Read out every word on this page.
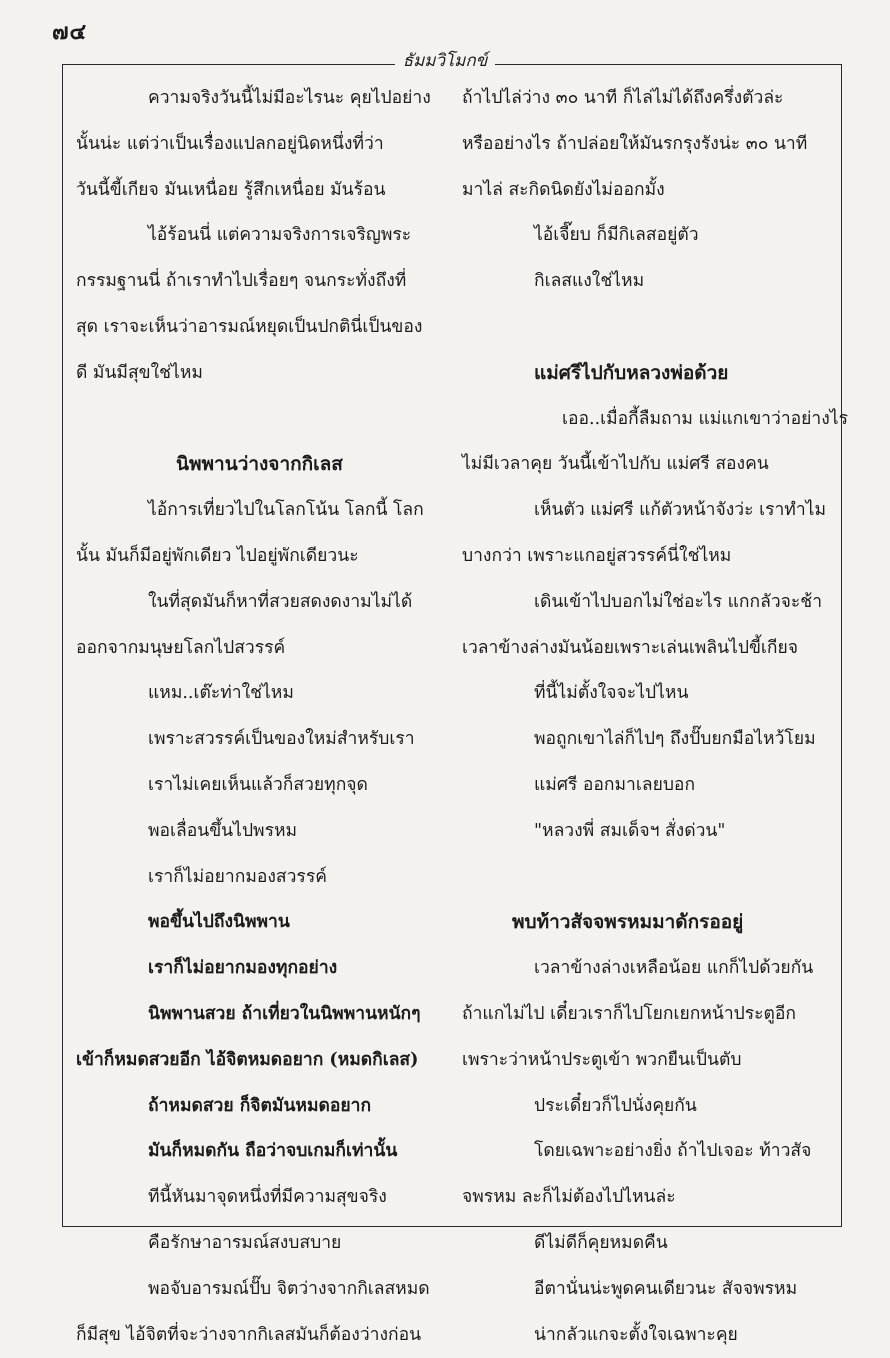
๗๔
ธัมมวิโมกข์
ความจริงวันนี้ไม่มีอะไรนะ คุยไปอย่าง
นั้นน่ะ แต่ว่าเป็นเรื่องแปลกอยู่นิดหนึ่งที่ว่า
วันนี้ขี้เกียจ มันเหนื่อย รู้สึกเหนื่อย มันร้อน
ไอ้ร้อนนี่ แต่ความจริงการเจริญพระ
กรรมฐานนี่ ถ้าเราทำไปเรื่อยๆ จนกระทั่งถึงที่
สุด เราจะเห็นว่าอารมณ์หยุดเป็นปกตินี่เป็นของ
ดี มันมีสุขใช่ไหม
นิพพานว่างจากกิเลส
ไอ้การเที่ยวไปในโลกโน้น โลกนี้ โลก
นั้น มันก็มีอยู่พักเดียว ไปอยู่พักเดียวนะ
ในที่สุดมันก็หาที่สวยสดงดงามไม่ได้
ออกจากมนุษยโลกไปสวรรค์
แหม..เต๊ะท่าใช่ไหม
เพราะสวรรค์เป็นของใหม่สำหรับเรา
เราไม่เคยเห็นแล้วก็สวยทุกจุด
พอเลื่อนขึ้นไปพรหม
เราก็ไม่อยากมองสวรรค์
พอขึ้นไปถึงนิพพาน
เราก็ไม่อยากมองทุกอย่าง
นิพพานสวย ถ้าเที่ยวในนิพพานหนักๆ
เข้าก็หมดสวยอีก ไอ้จิตหมดอยาก (หมดกิเลส)
ถ้าหมดสวย ก็จิตมันหมดอยาก
มันก็หมดกัน ถือว่าจบเกมก็เท่านั้น
ทีนี้หันมาจุดหนึ่งที่มีความสุขจริง
คือรักษาอารมณ์สงบสบาย
พอจับอารมณ์ปั๊บ จิตว่างจากกิเลสหมด
ก็มีสุข ไอ้จิตที่จะว่างจากกิเลสมันก็ต้องว่างก่อน
ถ้าไปไล่ว่าง ๓๐ นาที ก็ไล่ไม่ได้ถึงครึ่งตัวล่ะ
หรืออย่างไร ถ้าปล่อยให้มันรกรุงรังน่ะ ๓๐ นาที
มาไล่ สะกิดนิดยังไม่ออกมั้ง
ไอ้เจี๊ยบ ก็มีกิเลสอยู่ตัว
กิเลสแงใช่ไหม
แม่ศรีไปกับหลวงพ่อด้วย
เออ..เมื่อกี้ลืมถาม แม่แกเขาว่าอย่างไร
ไม่มีเวลาคุย วันนี้เข้าไปกับ แม่ศรี สองคน
เห็นตัว แม่ศรี แก้ตัวหน้าจังว่ะ เราทำไม
บางกว่า เพราะแกอยู่สวรรค์นี่ใช่ไหม
เดินเข้าไปบอกไม่ใช่อะไร แกกลัวจะช้า
เวลาข้างล่างมันน้อยเพราะเล่นเพลินไปขี้เกียจ
ที่นี้ไม่ตั้งใจจะไปไหน
พอถูกเขาไล่ก็ไปๆ ถึงปั๊บยกมือไหว้โยม
แม่ศรี ออกมาเลยบอก
"หลวงพี่ สมเด็จฯ สั่งด่วน"
พบท้าวสัจจพรหมมาดักรออยู่
เวลาข้างล่างเหลือน้อย แกก็ไปด้วยกัน
ถ้าแกไม่ไป เดี๋ยวเราก็ไปโยกเยกหน้าประตูอีก
เพราะว่าหน้าประตูเข้า พวกยืนเป็นตับ
ประเดี๋ยวก็ไปนั่งคุยกัน
โดยเฉพาะอย่างยิ่ง ถ้าไปเจอะ ท้าวสัจ
จพรหม ละก็ไม่ต้องไปไหนล่ะ
ดีไม่ดีก็คุยหมดคืน
อีตานั่นน่ะพูดคนเดียวนะ สัจจพรหม
น่ากลัวแกจะตั้งใจเฉพาะคุย
